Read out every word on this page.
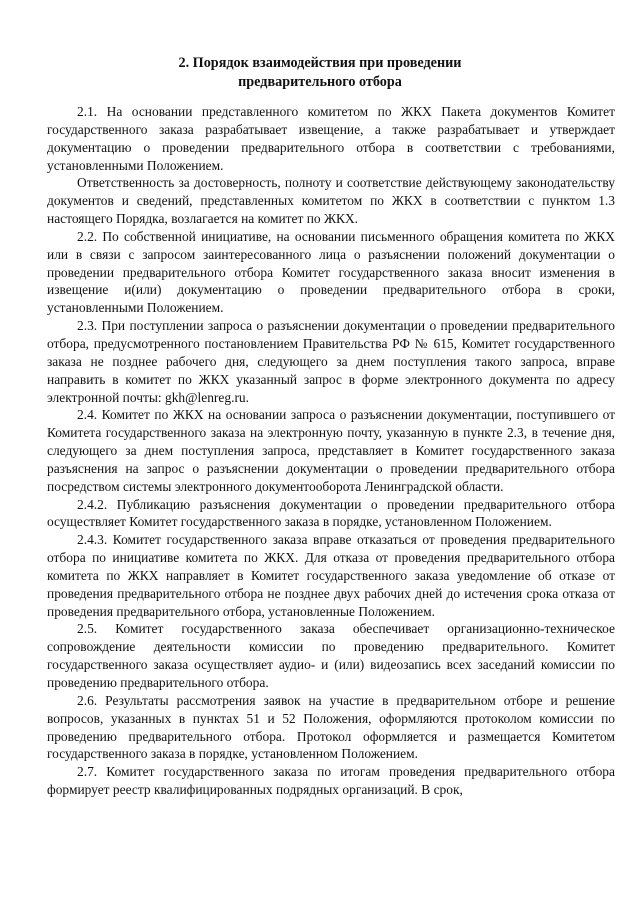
2. Порядок взаимодействия при проведении
предварительного отбора

2.1. На основании представленного комитетом по ЖКХ Пакета документов Комитет государственного заказа разрабатывает извещение, а также разрабатывает и утверждает документацию о проведении предварительного отбора в соответствии с требованиями, установленными Положением.

Ответственность за достоверность, полноту и соответствие действующему законодательству документов и сведений, представленных комитетом по ЖКХ в соответствии с пунктом 1.3 настоящего Порядка, возлагается на комитет по ЖКХ.

2.2. По собственной инициативе, на основании письменного обращения комитета по ЖКХ или в связи с запросом заинтересованного лица о разъяснении положений документации о проведении предварительного отбора Комитет государственного заказа вносит изменения в извещение и(или) документацию о проведении предварительного отбора в сроки, установленными Положением.

2.3. При поступлении запроса о разъяснении документации о проведении предварительного отбора, предусмотренного постановлением Правительства РФ № 615, Комитет государственного заказа не позднее рабочего дня, следующего за днем поступления такого запроса, вправе направить в комитет по ЖКХ указанный запрос в форме электронного документа по адресу электронной почты: gkh@lenreg.ru.

2.4. Комитет по ЖКХ на основании запроса о разъяснении документации, поступившего от Комитета государственного заказа на электронную почту, указанную в пункте 2.3, в течение дня, следующего за днем поступления запроса, представляет в Комитет государственного заказа разъяснения на запрос о разъяснении документации о проведении предварительного отбора посредством системы электронного документооборота Ленинградской области.

2.4.2. Публикацию разъяснения документации о проведении предварительного отбора осуществляет Комитет государственного заказа в порядке, установленном Положением.

2.4.3. Комитет государственного заказа вправе отказаться от проведения предварительного отбора по инициативе комитета по ЖКХ. Для отказа от проведения предварительного отбора комитета по ЖКХ направляет в Комитет государственного заказа уведомление об отказе от проведения предварительного отбора не позднее двух рабочих дней до истечения срока отказа от проведения предварительного отбора, установленные Положением.

2.5. Комитет государственного заказа обеспечивает организационно-техническое сопровождение деятельности комиссии по проведению предварительного. Комитет государственного заказа осуществляет аудио- и (или) видеозапись всех заседаний комиссии по проведению предварительного отбора.

2.6. Результаты рассмотрения заявок на участие в предварительном отборе и решение вопросов, указанных в пунктах 51 и 52 Положения, оформляются протоколом комиссии по проведению предварительного отбора. Протокол оформляется и размещается Комитетом государственного заказа в порядке, установленном Положением.

2.7. Комитет государственного заказа по итогам проведения предварительного отбора формирует реестр квалифицированных подрядных организаций. В срок,
